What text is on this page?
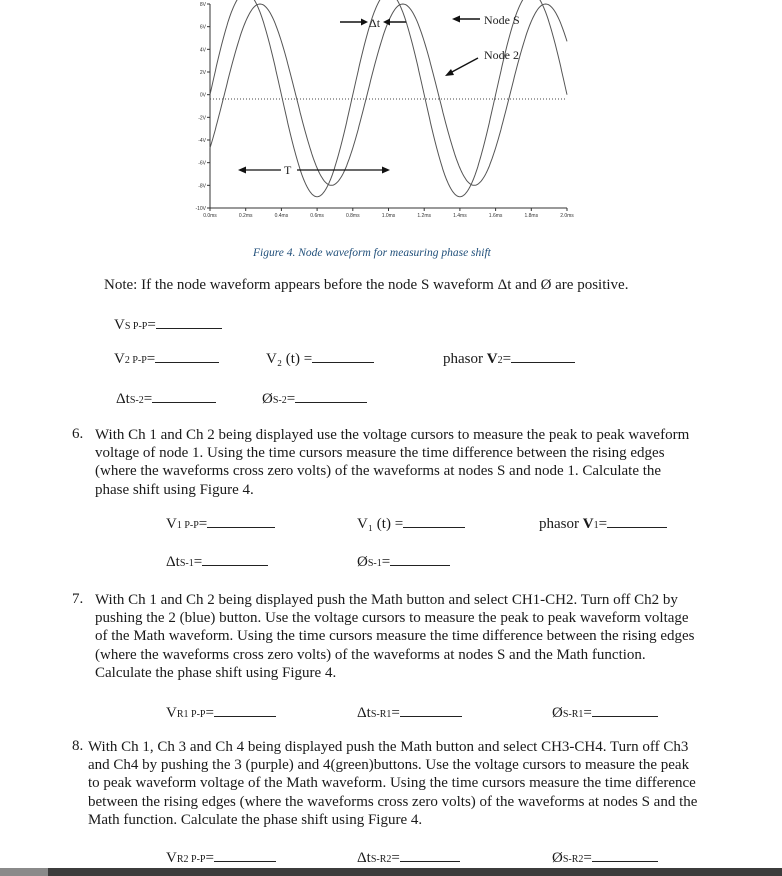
8V
6V
4V
2V
0V
-2V
-4V
-6V
-8V
-10V
0.0ms	0.2ms	0.4ms	0.6ms	0.8ms	1.0ms	1.2ms	1.4ms	1.6ms	1.8ms	2.0ms
Δt	Node S
Node 2
T
Figure 4. Node waveform for measuring phase shift
Note: If the node waveform appears before the node S waveform Δt and Ø are positive.
VS P-P=
V2 P-P=	V₂ (t) =	phasor V2=
ΔtS-2=	ØS-2=
6. With Ch 1 and Ch 2 being displayed use the voltage cursors to measure the peak to peak waveform voltage of node 1. Using the time cursors measure the time difference between the rising edges (where the waveforms cross zero volts) of the waveforms at nodes S and node 1. Calculate the phase shift using Figure 4.
V1 P-P=	V₁ (t) =	phasor V1=
ΔtS-1=	ØS-1=
7. With Ch 1 and Ch 2 being displayed push the Math button and select CH1-CH2. Turn off Ch2 by pushing the 2 (blue) button. Use the voltage cursors to measure the peak to peak waveform voltage of the Math waveform. Using the time cursors measure the time difference between the rising edges (where the waveforms cross zero volts) of the waveforms at nodes S and the Math function. Calculate the phase shift using Figure 4.
VR1 P-P=	ΔtS-R1=	ØS-R1=
8. With Ch 1, Ch 3 and Ch 4 being displayed push the Math button and select CH3-CH4. Turn off Ch3 and Ch4 by pushing the 3 (purple) and 4(green)buttons. Use the voltage cursors to measure the peak to peak waveform voltage of the Math waveform. Using the time cursors measure the time difference between the rising edges (where the waveforms cross zero volts) of the waveforms at nodes S and the Math function. Calculate the phase shift using Figure 4.
VR2 P-P=	ΔtS-R2=	ØS-R2=
